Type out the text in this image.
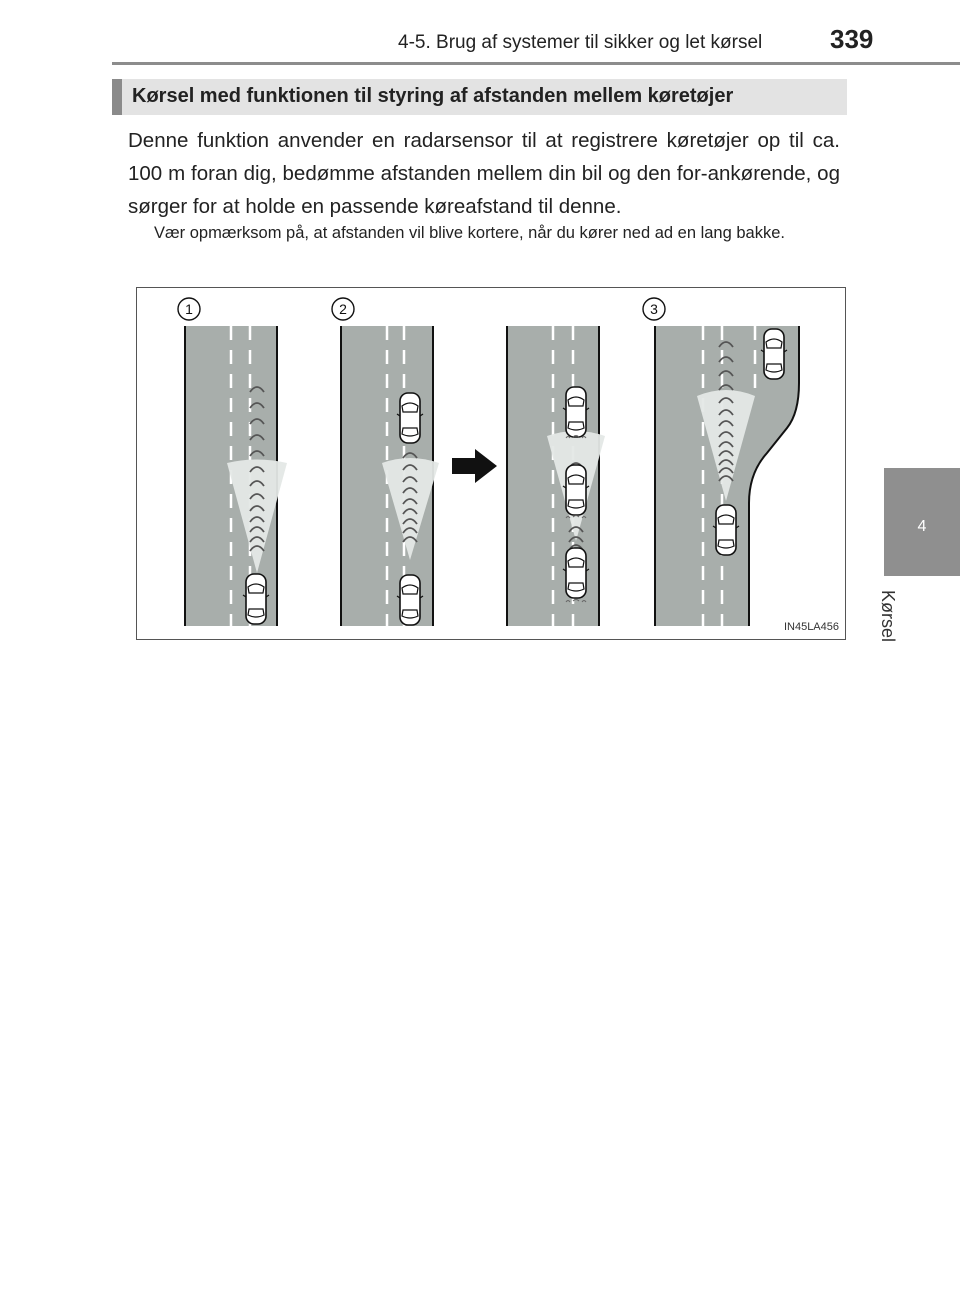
4-5. Brug af systemer til sikker og let kørsel	339
4
Kørsel
Kørsel med funktionen til styring af afstanden mellem køretøjer
Denne funktion anvender en radarsensor til at registrere køretøjer op til ca. 100 m foran dig, bedømme afstanden mellem din bil og den for-ankørende, og sørger for at holde en passende køreafstand til denne.
Vær opmærksom på, at afstanden vil blive kortere, når du kører ned ad en lang bakke.
1	2	3
IN45LA456
